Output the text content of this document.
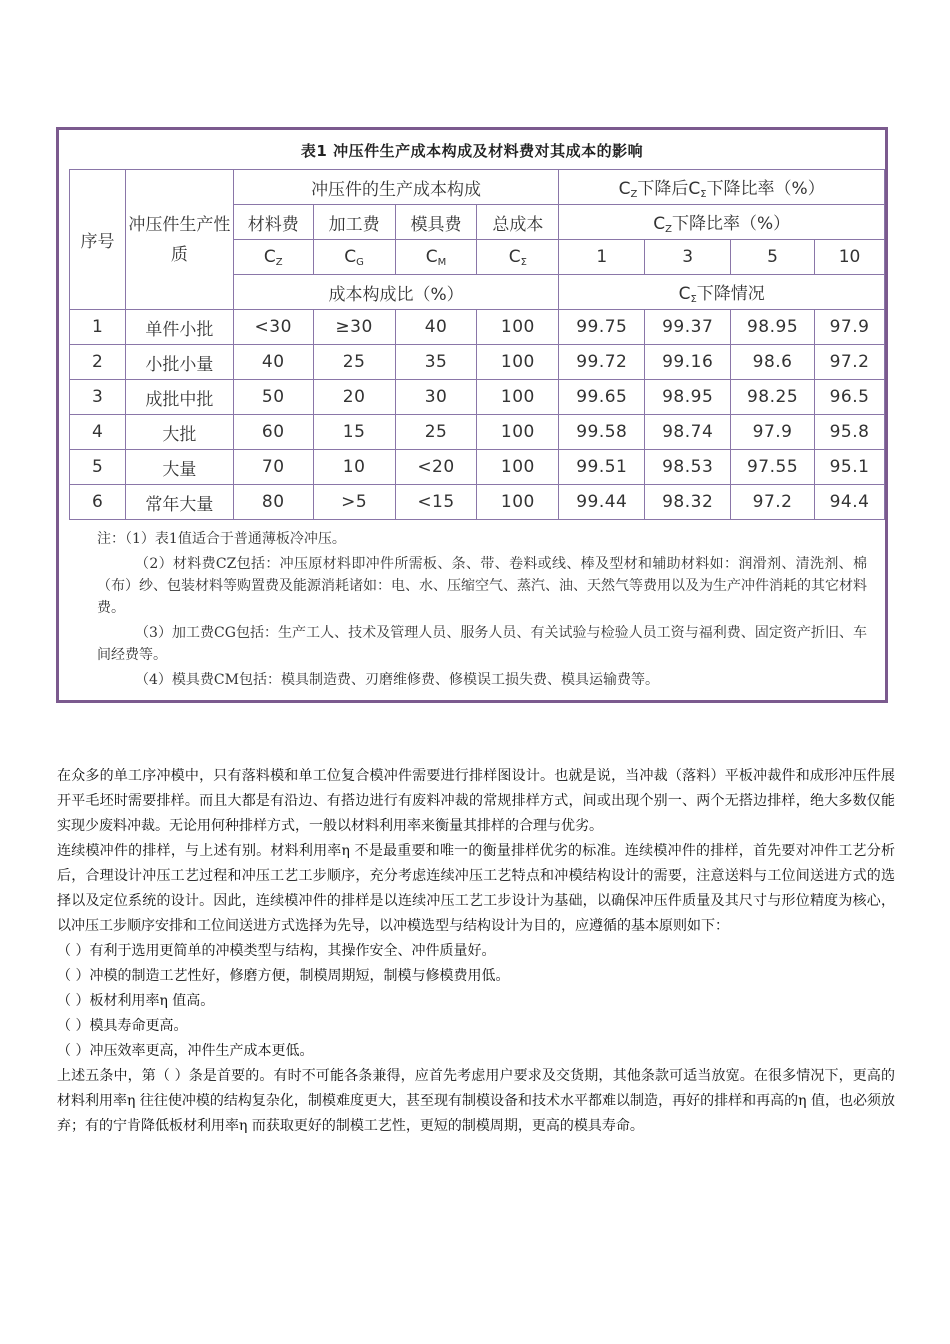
表1 冲压件生产成本构成及材料费对其成本的影响
序号	冲压件生产性质	冲压件的生产成本构成				$C_Z$下降后$C_\Sigma$下降比率（%）			
		材料费	加工费	模具费	总成本	$C_Z$下降比率（%）			
		$C_Z$	$C_G$	$C_M$	$C_\Sigma$	1	3	5	10
		成本构成比（%）				$C_\Sigma$下降情况			
1	单件小批	<30	≥30	40	100	99.75	99.37	98.95	97.9
2	小批小量	40	25	35	100	99.72	99.16	98.6	97.2
3	成批中批	50	20	30	100	99.65	98.95	98.25	96.5
4	大批	60	15	25	100	99.58	98.74	97.9	95.8
5	大量	70	10	<20	100	99.51	98.53	97.55	95.1
6	常年大量	80	>5	<15	100	99.44	98.32	97.2	94.4

注：（1）表1值适合于普通薄板冷冲压。

（2）材料费CZ包括：冲压原材料即冲件所需板、条、带、卷料或线、棒及型材和辅助材料如：润滑剂、清洗剂、棉（布）纱、包装材料等购置费及能源消耗诸如：电、水、压缩空气、蒸汽、油、天然气等费用以及为生产冲件消耗的其它材料费。

（3）加工费CG包括：生产工人、技术及管理人员、服务人员、有关试验与检验人员工资与福利费、固定资产折旧、车间经费等。

（4）模具费CM包括：模具制造费、刃磨维修费、修模误工损失费、模具运输费等。

在众多的单工序冲模中，只有落料模和单工位复合模冲件需要进行排样图设计。也就是说，当冲裁（落料）平板冲裁件和成形冲压件展开平毛坯时需要排样。而且大都是有沿边、有搭边进行有废料冲裁的常规排样方式，间或出现个别一、两个无搭边排样，绝大多数仅能实现少废料冲裁。无论用何种排样方式，一般以材料利用率来衡量其排样的合理与优劣。

连续模冲件的排样，与上述有别。材料利用率η 不是最重要和唯一的衡量排样优劣的标准。连续模冲件的排样，首先要对冲件工艺分析后，合理设计冲压工艺过程和冲压工艺工步顺序，充分考虑连续冲压工艺特点和冲模结构设计的需要，注意送料与工位间送进方式的选择以及定位系统的设计。因此，连续模冲件的排样是以连续冲压工艺工步设计为基础，以确保冲压件质量及其尺寸与形位精度为核心，以冲压工步顺序安排和工位间送进方式选择为先导，以冲模选型与结构设计为目的，应遵循的基本原则如下：

（ ）有利于选用更简单的冲模类型与结构，其操作安全、冲件质量好。

（ ）冲模的制造工艺性好，修磨方便，制模周期短，制模与修模费用低。

（ ）板材利用率η 值高。

（ ）模具寿命更高。

（ ）冲压效率更高，冲件生产成本更低。

上述五条中，第（ ）条是首要的。有时不可能各条兼得，应首先考虑用户要求及交货期，其他条款可适当放宽。在很多情况下，更高的材料利用率η 往往使冲模的结构复杂化，制模难度更大，甚至现有制模设备和技术水平都难以制造，再好的排样和再高的η 值，也必须放弃；有的宁肯降低板材利用率η 而获取更好的制模工艺性，更短的制模周期，更高的模具寿命。
